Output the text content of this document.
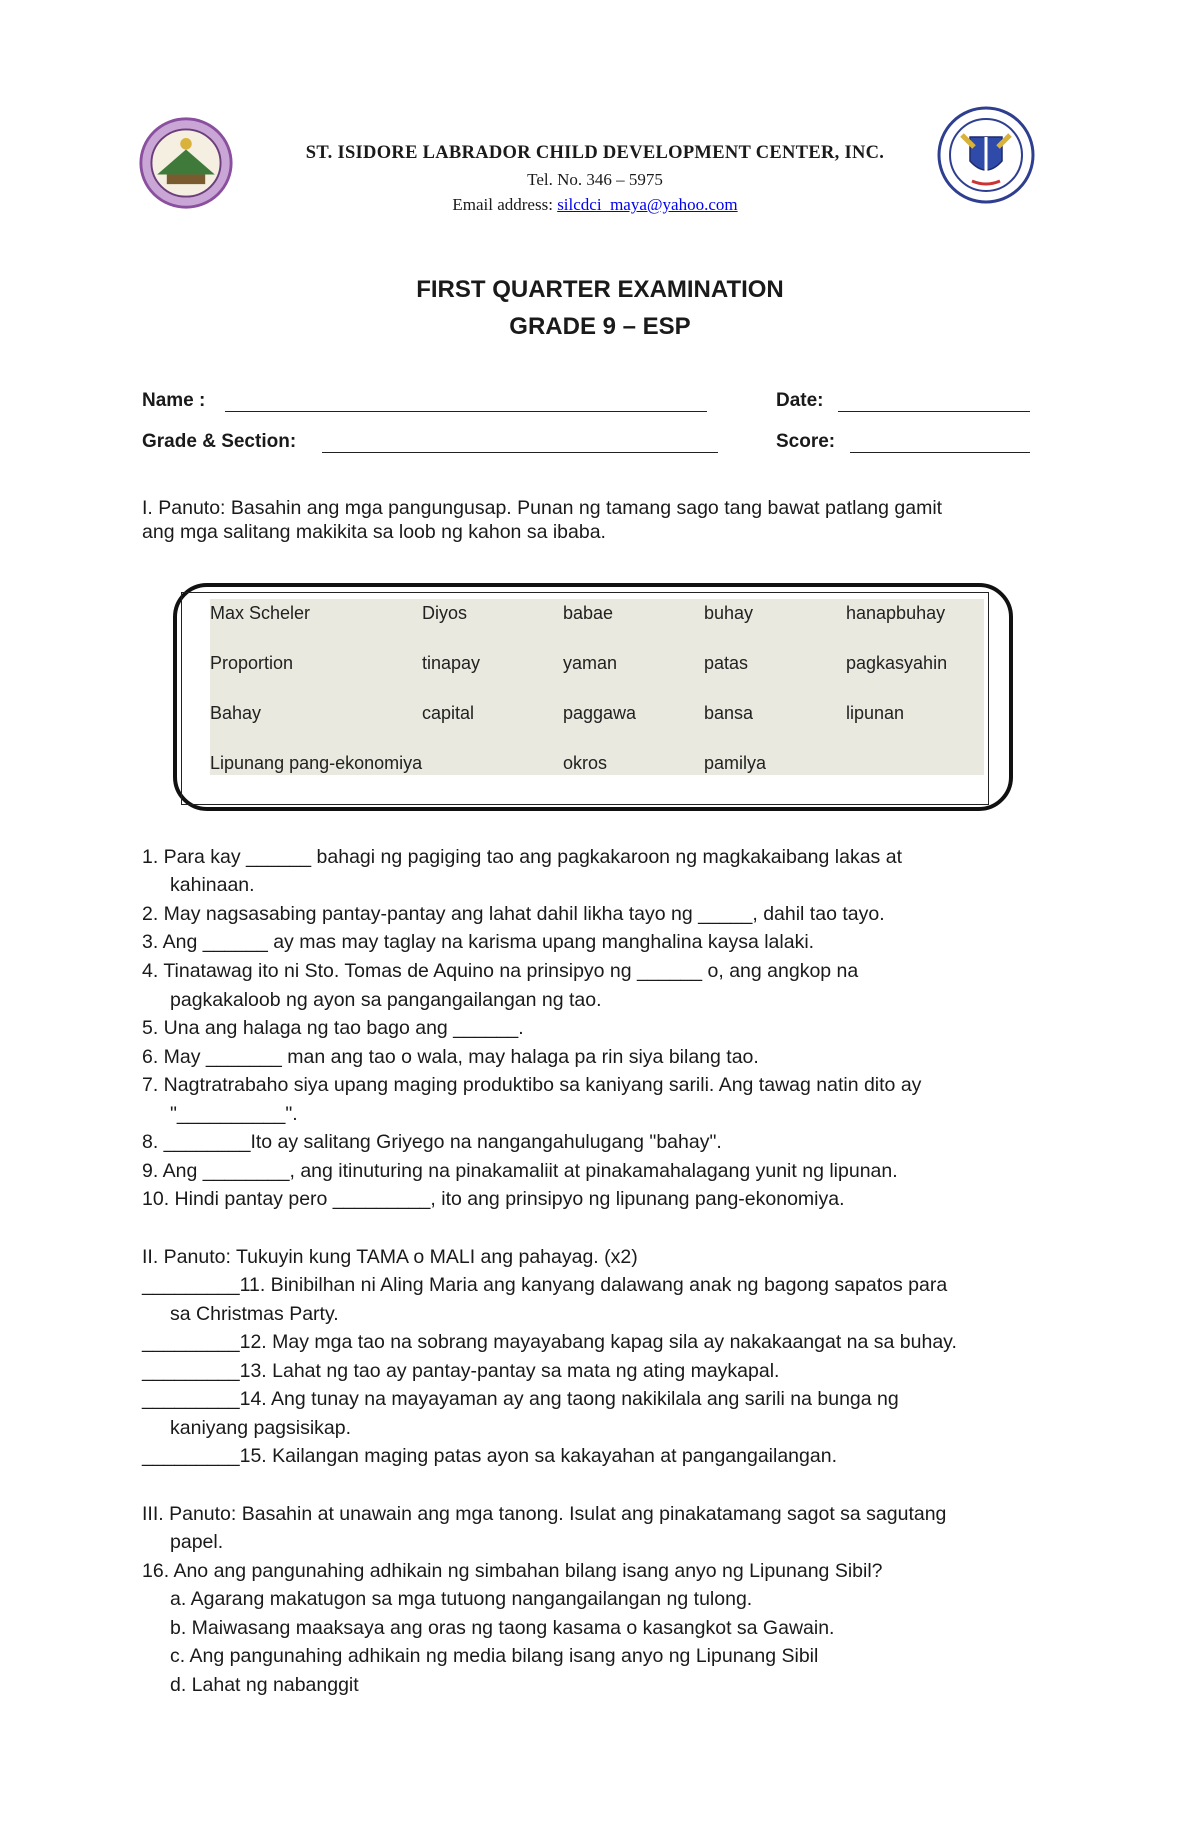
ST. ISIDORE LABRADOR CHILD DEVELOPMENT CENTER, INC.
Tel. No. 346 – 5975
Email address: silcdci_maya@yahoo.com
FIRST QUARTER EXAMINATION
GRADE 9 – ESP
Name :	Date:
Grade & Section:	Score:
I. Panuto: Basahin ang mga pangungusap. Punan ng tamang sago tang bawat patlang gamit
ang mga salitang makikita sa loob ng kahon sa ibaba.
Max Scheler	Diyos	babae	buhay	hanapbuhay
Proportion	tinapay	yaman	patas	pagkasyahin
Bahay	capital	paggawa	bansa	lipunan
Lipunang pang-ekonomiya	okros	pamilya
1. Para kay ______ bahagi ng pagiging tao ang pagkakaroon ng magkakaibang lakas at
kahinaan.
2. May nagsasabing pantay-pantay ang lahat dahil likha tayo ng _____, dahil tao tayo.
3. Ang ______ ay mas may taglay na karisma upang manghalina kaysa lalaki.
4. Tinatawag ito ni Sto. Tomas de Aquino na prinsipyo ng ______ o, ang angkop na
pagkakaloob ng ayon sa pangangailangan ng tao.
5. Una ang halaga ng tao bago ang ______.
6. May _______ man ang tao o wala, may halaga pa rin siya bilang tao.
7. Nagtratrabaho siya upang maging produktibo sa kaniyang sarili. Ang tawag natin dito ay
"__________".
8. ________Ito ay salitang Griyego na nangangahulugang "bahay".
9. Ang ________, ang itinuturing na pinakamaliit at pinakamahalagang yunit ng lipunan.
10. Hindi pantay pero _________, ito ang prinsipyo ng lipunang pang-ekonomiya.
II. Panuto: Tukuyin kung TAMA o MALI ang pahayag. (x2)
_________11. Binibilhan ni Aling Maria ang kanyang dalawang anak ng bagong sapatos para
sa Christmas Party.
_________12. May mga tao na sobrang mayayabang kapag sila ay nakakaangat na sa buhay.
_________13. Lahat ng tao ay pantay-pantay sa mata ng ating maykapal.
_________14. Ang tunay na mayayaman ay ang taong nakikilala ang sarili na bunga ng
kaniyang pagsisikap.
_________15. Kailangan maging patas ayon sa kakayahan at pangangailangan.
III. Panuto: Basahin at unawain ang mga tanong. Isulat ang pinakatamang sagot sa sagutang
papel.
16. Ano ang pangunahing adhikain ng simbahan bilang isang anyo ng Lipunang Sibil?
a. Agarang makatugon sa mga tutuong nangangailangan ng tulong.
b. Maiwasang maaksaya ang oras ng taong kasama o kasangkot sa Gawain.
c. Ang pangunahing adhikain ng media bilang isang anyo ng Lipunang Sibil
d. Lahat ng nabanggit
